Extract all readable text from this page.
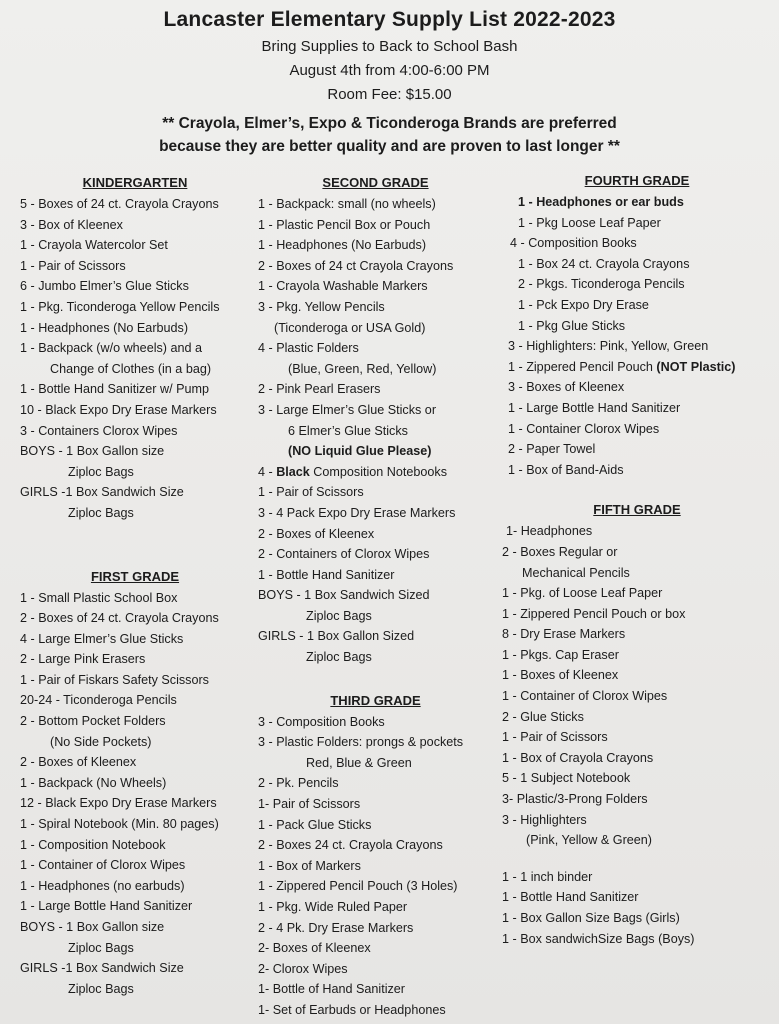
Lancaster Elementary Supply List 2022-2023
Bring Supplies to Back to School Bash
August 4th from 4:00-6:00 PM
Room Fee: $15.00
** Crayola, Elmer’s, Expo & Ticonderoga Brands are preferred
because they are better quality and are proven to last longer **
KINDERGARTEN
5 - Boxes of 24 ct. Crayola Crayons
3 - Box of Kleenex
1 - Crayola Watercolor Set
1 - Pair of Scissors
6 - Jumbo Elmer’s Glue Sticks
1 - Pkg. Ticonderoga Yellow Pencils
1 - Headphones (No Earbuds)
1 - Backpack (w/o wheels) and a
Change of Clothes (in a bag)
1 - Bottle Hand Sanitizer w/ Pump
10 - Black Expo Dry Erase Markers
3 - Containers Clorox Wipes
BOYS - 1 Box Gallon size
Ziploc Bags
GIRLS -1 Box Sandwich Size
Ziploc Bags
FIRST GRADE
1 - Small Plastic School Box
2 - Boxes of 24 ct. Crayola Crayons
4 - Large Elmer’s Glue Sticks
2 - Large Pink Erasers
1 - Pair of Fiskars Safety Scissors
20-24 - Ticonderoga Pencils
2 - Bottom Pocket Folders
(No Side Pockets)
2 - Boxes of Kleenex
1 - Backpack (No Wheels)
12 - Black Expo Dry Erase Markers
1 - Spiral Notebook (Min. 80 pages)
1 - Composition Notebook
1 - Container of Clorox Wipes
1 - Headphones (no earbuds)
1 - Large Bottle Hand Sanitizer
BOYS - 1 Box Gallon size
Ziploc Bags
GIRLS -1 Box Sandwich Size
Ziploc Bags
SECOND GRADE
1 - Backpack: small (no wheels)
1 - Plastic Pencil Box or Pouch
1 - Headphones (No Earbuds)
2 - Boxes of 24 ct Crayola Crayons
1 - Crayola Washable Markers
3 - Pkg. Yellow Pencils
(Ticonderoga or USA Gold)
4 - Plastic Folders
(Blue, Green, Red, Yellow)
2 - Pink Pearl Erasers
3 - Large Elmer’s Glue Sticks or
6 Elmer’s Glue Sticks
(NO Liquid Glue Please)
4 - Black Composition Notebooks
1 - Pair of Scissors
3 - 4 Pack Expo Dry Erase Markers
2 - Boxes of Kleenex
2 - Containers of Clorox Wipes
1 - Bottle Hand Sanitizer
BOYS - 1 Box Sandwich Sized
Ziploc Bags
GIRLS - 1 Box Gallon Sized
Ziploc Bags
THIRD GRADE
3 - Composition Books
3 - Plastic Folders: prongs & pockets
Red, Blue & Green
2 - Pk. Pencils
1- Pair of Scissors
1 - Pack Glue Sticks
2 - Boxes 24 ct. Crayola Crayons
1 - Box of Markers
1 - Zippered Pencil Pouch (3 Holes)
1 - Pkg. Wide Ruled Paper
2 - 4 Pk. Dry Erase Markers
2- Boxes of Kleenex
2- Clorox Wipes
1- Bottle of Hand Sanitizer
1- Set of Earbuds or Headphones
FOURTH GRADE
1 - Headphones or ear buds
1 - Pkg Loose Leaf Paper
4 - Composition Books
1 - Box 24 ct. Crayola Crayons
2 - Pkgs. Ticonderoga Pencils
1 - Pck Expo Dry Erase
1 - Pkg Glue Sticks
3 - Highlighters: Pink, Yellow, Green
1 - Zippered Pencil Pouch (NOT Plastic)
3 - Boxes of Kleenex
1 - Large Bottle Hand Sanitizer
1 - Container Clorox Wipes
2 - Paper Towel
1 - Box of Band-Aids
FIFTH GRADE
1- Headphones
2 - Boxes Regular or
Mechanical Pencils
1 - Pkg. of Loose Leaf Paper
1 - Zippered Pencil Pouch or box
8 - Dry Erase Markers
1 - Pkgs. Cap Eraser
1 - Boxes of Kleenex
1 - Container of Clorox Wipes
2 - Glue Sticks
1 - Pair of Scissors
1 - Box of Crayola Crayons
5 - 1 Subject Notebook
3- Plastic/3-Prong Folders
3 - Highlighters
(Pink, Yellow & Green)
1 - 1 inch binder
1 - Bottle Hand Sanitizer
1 - Box Gallon Size Bags (Girls)
1 - Box sandwichSize Bags (Boys)
